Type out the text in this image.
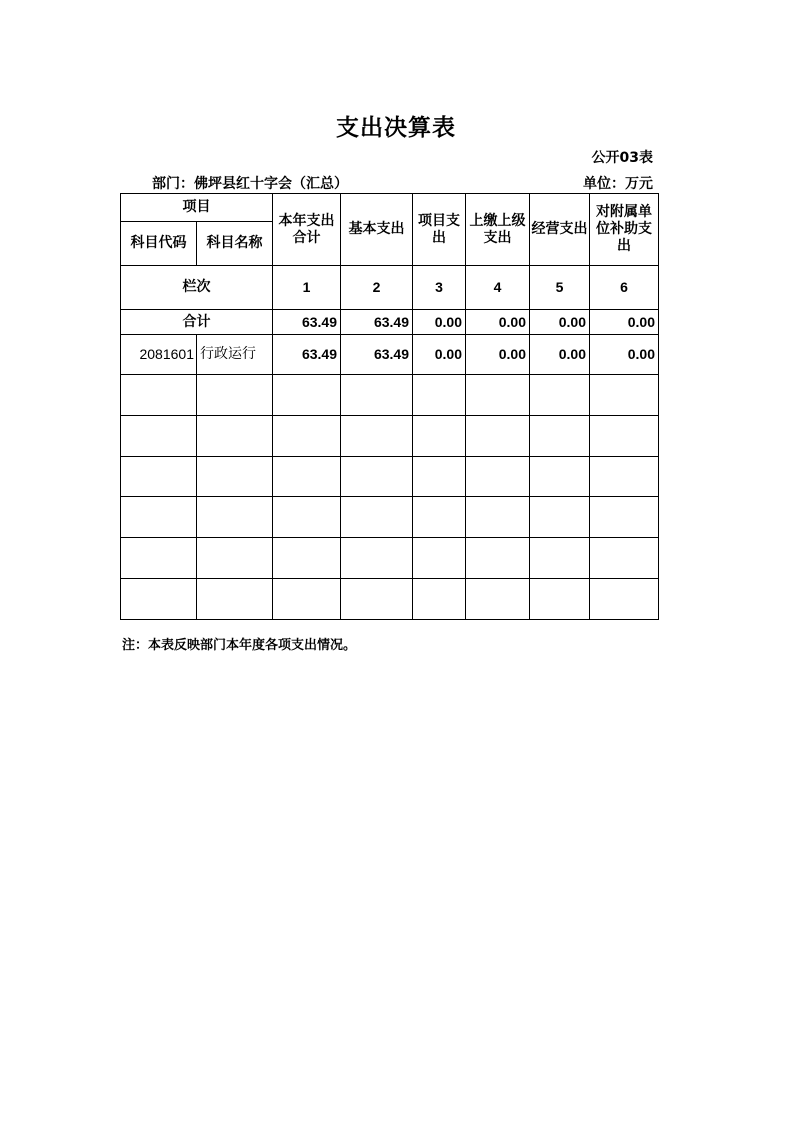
支出决算表
公开03表
部门：佛坪县红十字会（汇总）	单位：万元
项目		本年支出合计	基本支出	项目支出	上缴上级支出	经营支出	对附属单位补助支出
科目代码	科目名称						
栏次		1	2	3	4	5	6
合计		63.49	63.49	0.00	0.00	0.00	0.00
2081601	行政运行	63.49	63.49	0.00	0.00	0.00	0.00

注：本表反映部门本年度各项支出情况。
